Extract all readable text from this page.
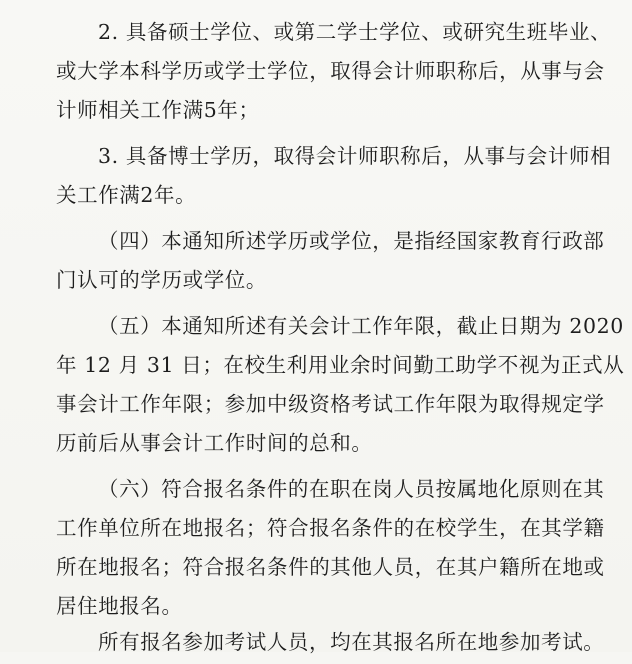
2. 具备硕士学位、或第二学士学位、或研究生班毕业、
或大学本科学历或学士学位，取得会计师职称后，从事与会
计师相关工作满5年；
3. 具备博士学历，取得会计师职称后，从事与会计师相
关工作满2年。
（四）本通知所述学历或学位，是指经国家教育行政部
门认可的学历或学位。
（五）本通知所述有关会计工作年限，截止日期为 2020
年 12 月 31 日；在校生利用业余时间勤工助学不视为正式从
事会计工作年限；参加中级资格考试工作年限为取得规定学
历前后从事会计工作时间的总和。
（六）符合报名条件的在职在岗人员按属地化原则在其
工作单位所在地报名；符合报名条件的在校学生，在其学籍
所在地报名；符合报名条件的其他人员，在其户籍所在地或
居住地报名。
所有报名参加考试人员，均在其报名所在地参加考试。
